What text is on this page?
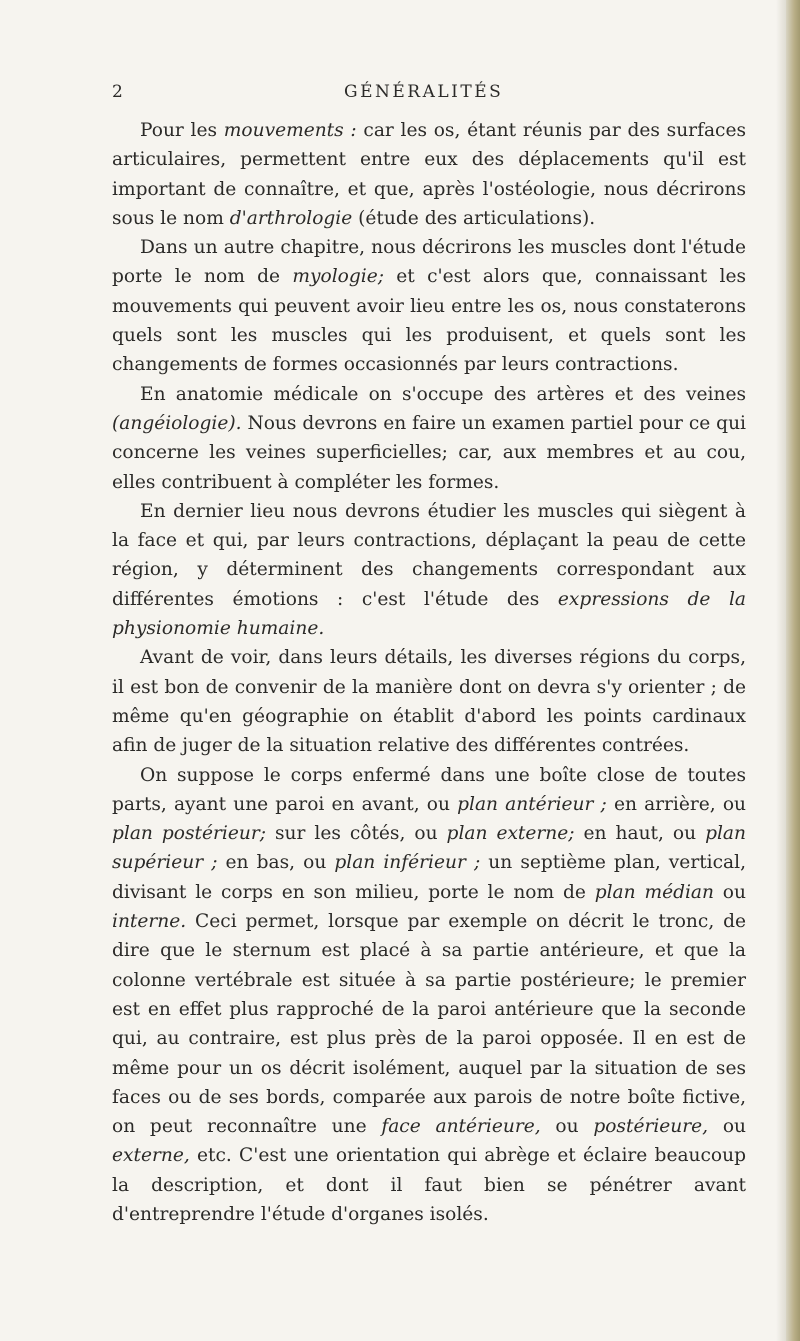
2	GÉNÉRALITÉS

Pour les mouvements : car les os, étant réunis par des surfaces articulaires, permettent entre eux des déplacements qu'il est important de connaître, et que, après l'ostéologie, nous décrirons sous le nom d'arthrologie (étude des articulations).

Dans un autre chapitre, nous décrirons les muscles dont l'étude porte le nom de myologie; et c'est alors que, connaissant les mouvements qui peuvent avoir lieu entre les os, nous constaterons quels sont les muscles qui les produisent, et quels sont les changements de formes occasionnés par leurs contractions.

En anatomie médicale on s'occupe des artères et des veines (angéiologie). Nous devrons en faire un examen partiel pour ce qui concerne les veines superficielles; car, aux membres et au cou, elles contribuent à compléter les formes.

En dernier lieu nous devrons étudier les muscles qui siègent à la face et qui, par leurs contractions, déplaçant la peau de cette région, y déterminent des changements correspondant aux différentes émotions : c'est l'étude des expressions de la physionomie humaine.

Avant de voir, dans leurs détails, les diverses régions du corps, il est bon de convenir de la manière dont on devra s'y orienter ; de même qu'en géographie on établit d'abord les points cardinaux afin de juger de la situation relative des différentes contrées.

On suppose le corps enfermé dans une boîte close de toutes parts, ayant une paroi en avant, ou plan antérieur ; en arrière, ou plan postérieur; sur les côtés, ou plan externe; en haut, ou plan supérieur ; en bas, ou plan inférieur ; un septième plan, vertical, divisant le corps en son milieu, porte le nom de plan médian ou interne. Ceci permet, lorsque par exemple on décrit le tronc, de dire que le sternum est placé à sa partie antérieure, et que la colonne vertébrale est située à sa partie postérieure; le premier est en effet plus rapproché de la paroi antérieure que la seconde qui, au contraire, est plus près de la paroi opposée. Il en est de même pour un os décrit isolément, auquel par la situation de ses faces ou de ses bords, comparée aux parois de notre boîte fictive, on peut reconnaître une face antérieure, ou postérieure, ou externe, etc. C'est une orientation qui abrège et éclaire beaucoup la description, et dont il faut bien se pénétrer avant d'entreprendre l'étude d'organes isolés.
